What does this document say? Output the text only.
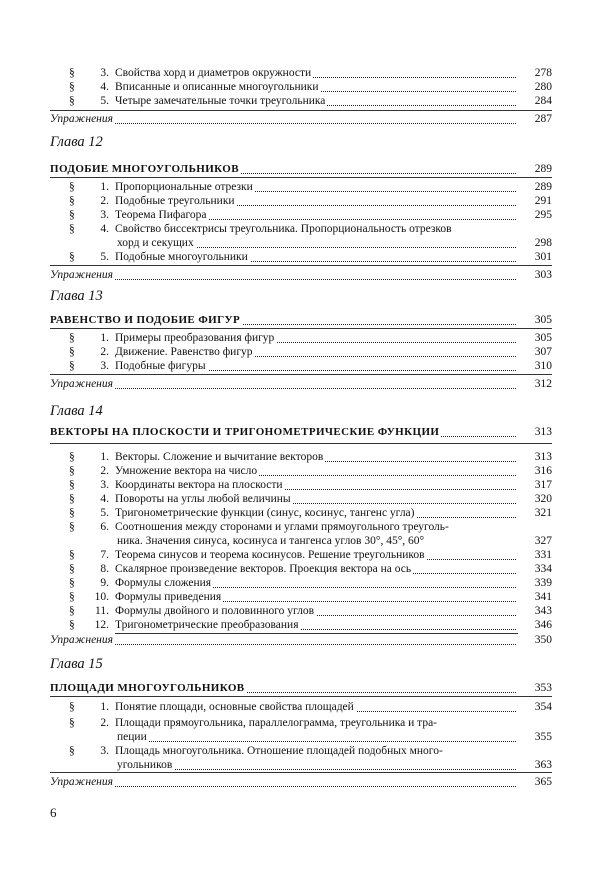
§ 3. Свойства хорд и диаметров окружности	278
§ 4. Вписанные и описанные многоугольники	280
§ 5. Четыре замечательные точки треугольника	284
Упражнения	287
Глава 12
ПОДОБИЕ МНОГОУГОЛЬНИКОВ	289
§ 1. Пропорциональные отрезки	289
§ 2. Подобные треугольники	291
§ 3. Теорема Пифагора	295
§ 4. Свойство биссектрисы треугольника. Пропорциональность отрезков
хорд и секущих	298
§ 5. Подобные многоугольники	301
Упражнения	303
Глава 13
РАВЕНСТВО И ПОДОБИЕ ФИГУР	305
§ 1. Примеры преобразования фигур	305
§ 2. Движение. Равенство фигур	307
§ 3. Подобные фигуры	310
Упражнения	312
Глава 14
ВЕКТОРЫ НА ПЛОСКОСТИ И ТРИГОНОМЕТРИЧЕСКИЕ ФУНКЦИИ	313
§ 1. Векторы. Сложение и вычитание векторов	313
§ 2. Умножение вектора на число	316
§ 3. Координаты вектора на плоскости	317
§ 4. Повороты на углы любой величины	320
§ 5. Тригонометрические функции (синус, косинус, тангенс угла)	321
§ 6. Соотношения между сторонами и углами прямоугольного треуголь-
ника. Значения синуса, косинуса и тангенса углов 30°, 45°, 60°	327
§ 7. Теорема синусов и теорема косинусов. Решение треугольников	331
§ 8. Скалярное произведение векторов. Проекция вектора на ось	334
§ 9. Формулы сложения	339
§ 10. Формулы приведения	341
§ 11. Формулы двойного и половинного углов	343
§ 12. Тригонометрические преобразования	346
Упражнения	350
Глава 15
ПЛОЩАДИ МНОГОУГОЛЬНИКОВ	353
§ 1. Понятие площади, основные свойства площадей	354
§ 2. Площади прямоугольника, параллелограмма, треугольника и тра-
пеции	355
§ 3. Площадь многоугольника. Отношение площадей подобных много-
угольников	363
Упражнения	365
6
